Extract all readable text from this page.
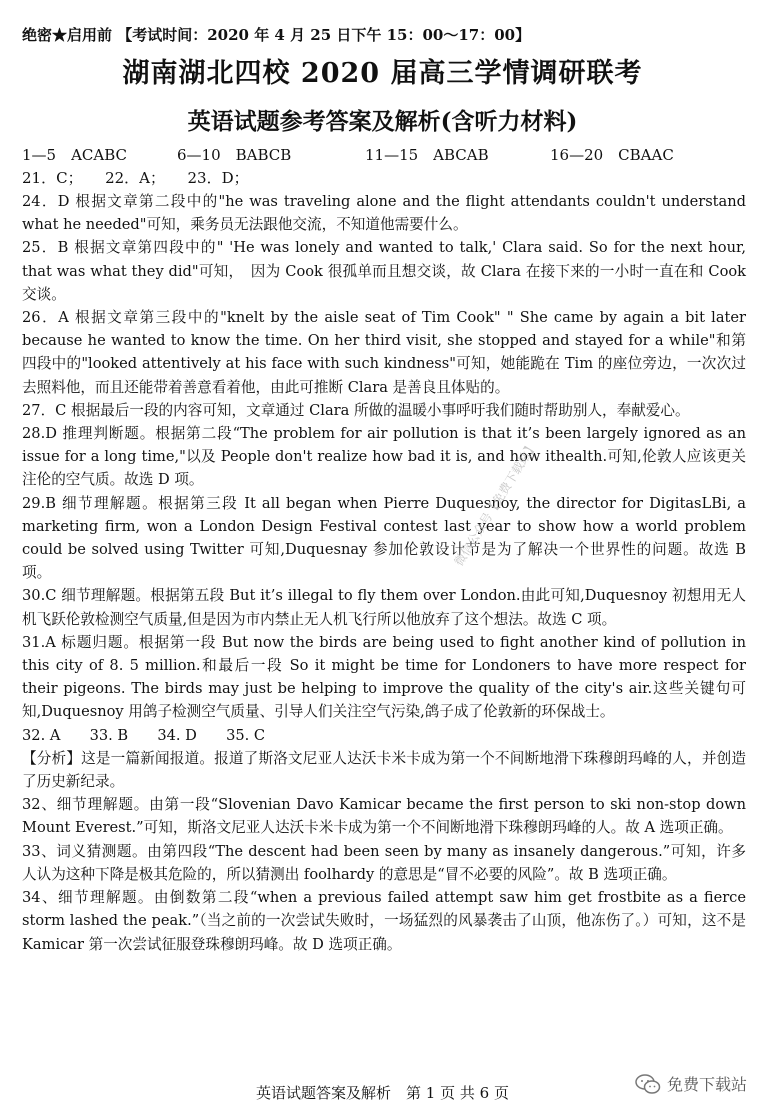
绝密★启用前 【考试时间：2020 年 4 月 25 日下午 15：00～17：00】
湖南湖北四校 2020 届高三学情调研联考
英语试题参考答案及解析(含听力材料)
1—5　ACABC	6—10　BABCB	11—15　ABCAB	16—20　CBAAC
21．C；　　22．A；　　23．D；

24．D 根据文章第二段中的"he was traveling alone and the flight attendants couldn't understand what he needed"可知，乘务员无法跟他交流，不知道他需要什么。

25．B 根据文章第四段中的" 'He was lonely and wanted to talk,' Clara said. So for the next hour, that was what they did"可知，　因为 Cook 很孤单而且想交谈，故 Clara 在接下来的一小时一直在和 Cook 交谈。

26．A 根据文章第三段中的"knelt by the aisle seat of Tim Cook" " She came by again a bit later because he wanted to know the time. On her third visit, she stopped and stayed for a while"和第四段中的"looked attentively at his face with such kindness"可知，她能跪在 Tim 的座位旁边，一次次过去照料他，而且还能带着善意看着他，由此可推断 Clara 是善良且体贴的。

27．C 根据最后一段的内容可知，文章通过 Clara 所做的温暖小事呼吁我们随时帮助别人，奉献爱心。

28.D 推理判断题。根据第二段“The problem for air pollution is that it’s been largely ignored as an issue for a long time,"以及 People don't realize how bad it is, and how ithealth.可知,伦敦人应该更关注伦的空气质。故选 D 项。

29.B 细节理解题。根据第三段 It all began when Pierre Duquesnoy, the director for DigitasLBi, a marketing firm, won a London Design Festival contest last year to show how a world problem could be solved using Twitter 可知,Duquesnay 参加伦敦设计节是为了解决一个世界性的问题。故选 B 项。

30.C 细节理解题。根据第五段 But it’s illegal to fly them over London.由此可知,Duquesnoy 初想用无人机飞跃伦敦检测空气质量,但是因为市内禁止无人机飞行所以他放弃了这个想法。故选 C 项。

31.A 标题归题。根据第一段 But now the birds are being used to fight another kind of pollution in this city of 8. 5 million.和最后一段 So it might be time for Londoners to have more respect for their pigeons. The birds may just be helping to improve the quality of the city's air.这些关键句可知,Duquesnoy 用鸽子检测空气质量、引导人们关注空气污染,鸽子成了伦敦新的环保战士。

32. A　　33. B　　34. D　　35. C

【分析】这是一篇新闻报道。报道了斯洛文尼亚人达沃卡米卡成为第一个不间断地滑下珠穆朗玛峰的人，并创造了历史新纪录。

32、细节理解题。由第一段“Slovenian Davo Kamicar became the first person to ski non-stop down Mount Everest.”可知，斯洛文尼亚人达沃卡米卡成为第一个不间断地滑下珠穆朗玛峰的人。故 A 选项正确。

33、词义猜测题。由第四段“The descent had been seen by many as insanely dangerous.”可知，许多人认为这种下降是极其危险的，所以猜测出 foolhardy 的意思是“冒不必要的风险”。故 B 选项正确。

34、细节理解题。由倒数第二段“when a previous failed attempt saw him get frostbite as a fierce storm lashed the peak.”（当之前的一次尝试失败时，一场猛烈的风暴袭击了山顶，他冻伤了。）可知，这不是 Kamicar 第一次尝试征服登珠穆朗玛峰。故 D 选项正确。

微信公众号【免费下载站】
英语试题答案及解析　第 1 页 共 6 页	免费下载站
